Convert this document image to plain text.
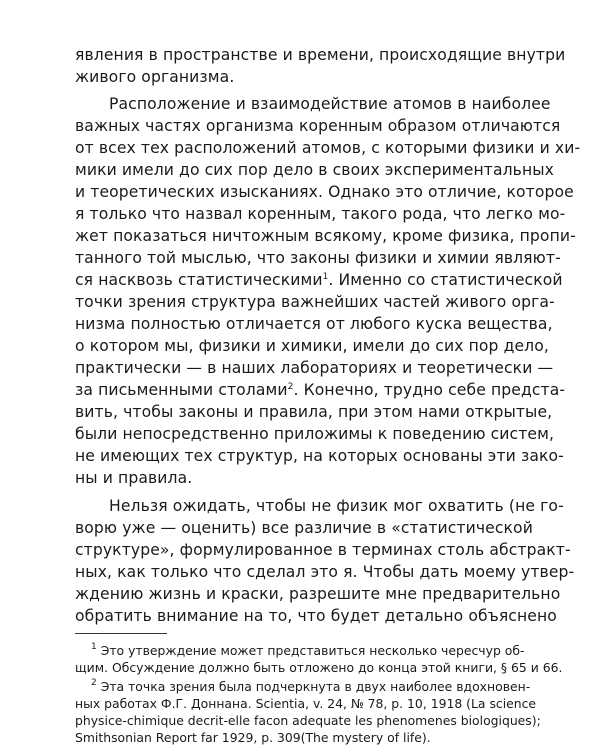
явления в пространстве и времени, происходящие внутри
живого организма.
Расположение и взаимодействие атомов в наиболее
важных частях организма коренным образом отличаются
от всех тех расположений атомов, с которыми физики и хи-
мики имели до сих пор дело в своих экспериментальных
и теоретических изысканиях. Однако это отличие, которое
я только что назвал коренным, такого рода, что легко мо-
жет показаться ничтожным всякому, кроме физика, пропи-
танного той мыслью, что законы физики и химии являют-
ся насквозь статистическими$^1$. Именно со статистической
точки зрения структура важнейших частей живого орга-
низма полностью отличается от любого куска вещества,
о котором мы, физики и химики, имели до сих пор дело,
практически — в наших лабораториях и теоретически —
за письменными столами$^2$. Конечно, трудно себе предста-
вить, чтобы законы и правила, при этом нами открытые,
были непосредственно приложимы к поведению систем,
не имеющих тех структур, на которых основаны эти зако-
ны и правила.
Нельзя ожидать, чтобы не физик мог охватить (не го-
ворю уже — оценить) все различие в «статистической
структуре», формулированное в терминах столь абстракт-
ных, как только что сделал это я. Чтобы дать моему утвер-
ждению жизнь и краски, разрешите мне предварительно
обратить внимание на то, что будет детально объяснено
$^1$ Это утверждение может представиться несколько чересчур об-
щим. Обсуждение должно быть отложено до конца этой книги, § 65 и 66.
$^2$ Эта точка зрения была подчеркнута в двух наиболее вдохновен-
ных работах Ф.Г. Доннана. Scientia, v. 24, № 78, p. 10, 1918 (La science
physice-chimique decrit-elle facon adequate les phenomenes biologiques);
Smithsonian Report far 1929, p. 309(The mystery of life).
